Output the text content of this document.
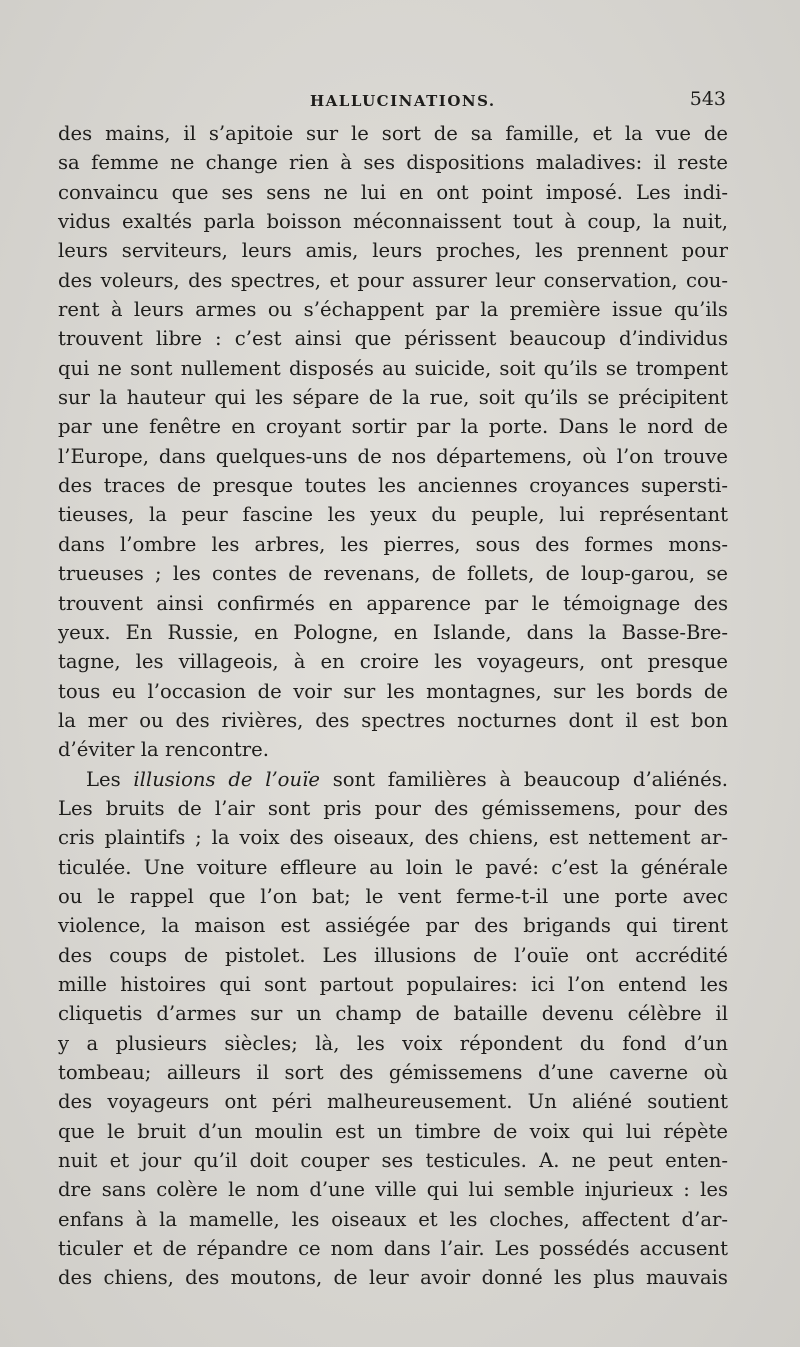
HALLUCINATIONS.	543
des mains, il s’apitoie sur le sort de sa famille, et la vue de
sa femme ne change rien à ses dispositions maladives: il reste
convaincu que ses sens ne lui en ont point imposé. Les indi-
vidus exaltés parla boisson méconnaissent tout à coup, la nuit,
leurs serviteurs, leurs amis, leurs proches, les prennent pour
des voleurs, des spectres, et pour assurer leur conservation, cou-
rent à leurs armes ou s’échappent par la première issue qu’ils
trouvent libre : c’est ainsi que périssent beaucoup d’individus
qui ne sont nullement disposés au suicide, soit qu’ils se trompent
sur la hauteur qui les sépare de la rue, soit qu’ils se précipitent
par une fenêtre en croyant sortir par la porte. Dans le nord de
l’Europe, dans quelques-uns de nos départemens, où l’on trouve
des traces de presque toutes les anciennes croyances supersti-
tieuses, la peur fascine les yeux du peuple, lui représentant
dans l’ombre les arbres, les pierres, sous des formes mons-
trueuses ; les contes de revenans, de follets, de loup-garou, se
trouvent ainsi confirmés en apparence par le témoignage des
yeux. En Russie, en Pologne, en Islande, dans la Basse-Bre-
tagne, les villageois, à en croire les voyageurs, ont presque
tous eu l’occasion de voir sur les montagnes, sur les bords de
la mer ou des rivières, des spectres nocturnes dont il est bon
d’éviter la rencontre.
Les illusions de l’ouïe sont familières à beaucoup d’aliénés.
Les bruits de l’air sont pris pour des gémissemens, pour des
cris plaintifs ; la voix des oiseaux, des chiens, est nettement ar-
ticulée. Une voiture effleure au loin le pavé: c’est la générale
ou le rappel que l’on bat; le vent ferme-t-il une porte avec
violence, la maison est assiégée par des brigands qui tirent
des coups de pistolet. Les illusions de l’ouïe ont accrédité
mille histoires qui sont partout populaires: ici l’on entend les
cliquetis d’armes sur un champ de bataille devenu célèbre il
y a plusieurs siècles; là, les voix répondent du fond d’un
tombeau; ailleurs il sort des gémissemens d’une caverne où
des voyageurs ont péri malheureusement. Un aliéné soutient
que le bruit d’un moulin est un timbre de voix qui lui répète
nuit et jour qu’il doit couper ses testicules. A. ne peut enten-
dre sans colère le nom d’une ville qui lui semble injurieux : les
enfans à la mamelle, les oiseaux et les cloches, affectent d’ar-
ticuler et de répandre ce nom dans l’air. Les possédés accusent
des chiens, des moutons, de leur avoir donné les plus mauvais
